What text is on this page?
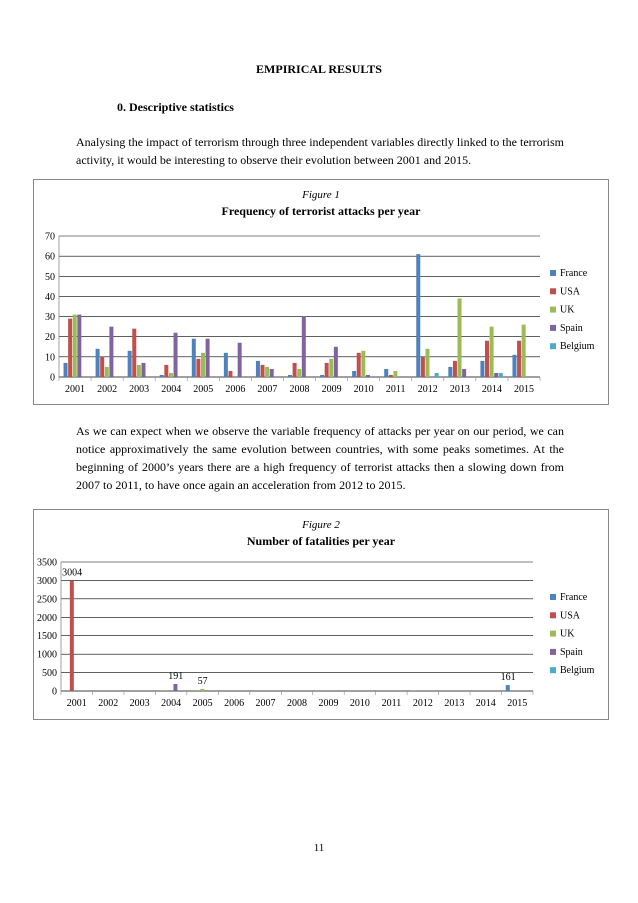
EMPIRICAL RESULTS
0. Descriptive statistics
Analysing the impact of terrorism through three independent variables directly linked to the terrorism activity, it would be interesting to observe their evolution between 2001 and 2015.
Figure 1
Frequency of terrorist attacks per year
0
10
20
30
40
50
60
70
2001 2002 2003 2004 2005 2006 2007 2008 2009 2010 2011 2012 2013 2014 2015
France
USA
UK
Spain
Belgium
As we can expect when we observe the variable frequency of attacks per year on our period, we can notice approximatively the same evolution between countries, with some peaks sometimes. At the beginning of 2000’s years there are a high frequency of terrorist attacks then a slowing down from 2007 to 2011, to have once again an acceleration from 2012 to 2015.
Figure 2
Number of fatalities per year
0
500
1000
1500
2000
2500
3000
3500
2001 2002 2003 2004 2005 2006 2007 2008 2009 2010 2011 2012 2013 2014 2015
France
USA
UK
Spain
Belgium
3004
191 57	161
11
